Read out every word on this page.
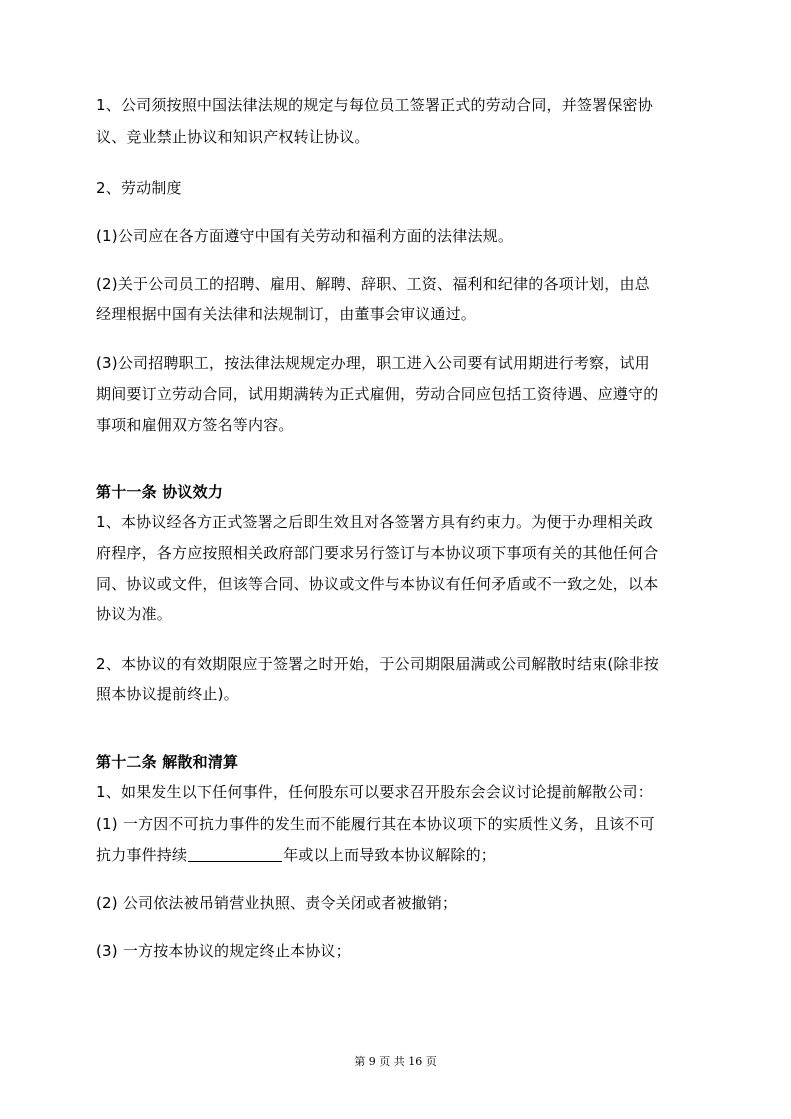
1、公司须按照中国法律法规的规定与每位员工签署正式的劳动合同，并签署保密协
议、竞业禁止协议和知识产权转让协议。
2、劳动制度
(1)公司应在各方面遵守中国有关劳动和福利方面的法律法规。
(2)关于公司员工的招聘、雇用、解聘、辞职、工资、福利和纪律的各项计划，由总
经理根据中国有关法律和法规制订，由董事会审议通过。
(3)公司招聘职工，按法律法规规定办理，职工进入公司要有试用期进行考察，试用
期间要订立劳动合同，试用期满转为正式雇佣，劳动合同应包括工资待遇、应遵守的
事项和雇佣双方签名等内容。
第十一条 协议效力
1、本协议经各方正式签署之后即生效且对各签署方具有约束力。为便于办理相关政
府程序，各方应按照相关政府部门要求另行签订与本协议项下事项有关的其他任何合
同、协议或文件，但该等合同、协议或文件与本协议有任何矛盾或不一致之处，以本
协议为准。
2、本协议的有效期限应于签署之时开始，于公司期限届满或公司解散时结束(除非按
照本协议提前终止)。
第十二条 解散和清算
1、如果发生以下任何事件，任何股东可以要求召开股东会会议讨论提前解散公司：
(1) 一方因不可抗力事件的发生而不能履行其在本协议项下的实质性义务，且该不可
抗力事件持续	年或以上而导致本协议解除的；
(2) 公司依法被吊销营业执照、责令关闭或者被撤销；
(3) 一方按本协议的规定终止本协议；
第 9 页 共 16 页
